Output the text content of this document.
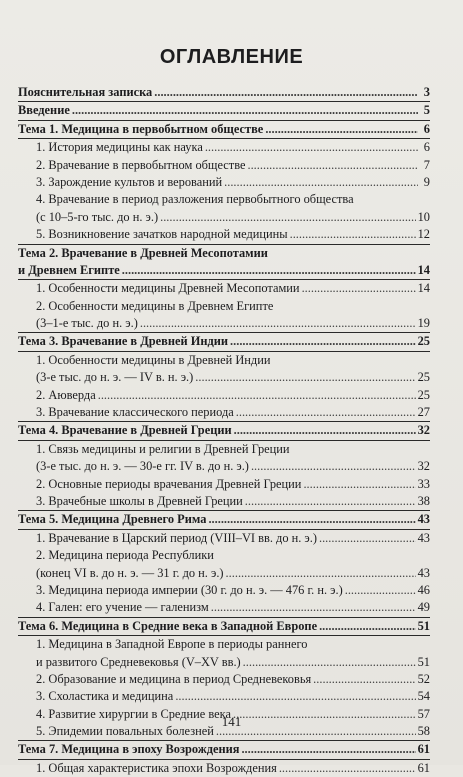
ОГЛАВЛЕНИЕ
Пояснительная записка .....	3
Введение .....	5
Тема 1. Медицина в первобытном обществе .....	6
1. История медицины как наука .....	6
2. Врачевание в первобытном обществе .....	7
3. Зарождение культов и верований .....	9
4. Врачевание в период разложения первобытного общества
(с 10–5-го тыс. до н. э.) .....	10
5. Возникновение зачатков народной медицины .....	12
Тема 2. Врачевание в Древней Месопотамии
и Древнем Египте .....	14
1. Особенности медицины Древней Месопотамии .....	14
2. Особенности медицины в Древнем Египте
(3–1-е тыс. до н. э.) .....	19
Тема 3. Врачевание в Древней Индии .....	25
1. Особенности медицины в Древней Индии
(3-е тыс. до н. э. — IV в. н. э.) .....	25
2. Аюверда .....	25
3. Врачевание классического периода .....	27
Тема 4. Врачевание в Древней Греции .....	32
1. Связь медицины и религии в Древней Греции
(3-е тыс. до н. э. — 30-е гг. IV в. до н. э.) .....	32
2. Основные периоды врачевания Древней Греции .....	33
3. Врачебные школы в Древней Греции .....	38
Тема 5. Медицина Древнего Рима .....	43
1. Врачевание в Царский период (VIII–VI вв. до н. э.) .....	43
2. Медицина периода Республики
(конец VI в. до н. э. — 31 г. до н. э.) .....	43
3. Медицина периода империи (30 г. до н. э. — 476 г. н. э.) .....	46
4. Гален: его учение — галенизм .....	49
Тема 6. Медицина в Средние века в Западной Европе .....	51
1. Медицина в Западной Европе в периоды раннего
и развитого Средневековья (V–XV вв.) .....	51
2. Образование и медицина в период Средневековья .....	52
3. Схоластика и медицина .....	54
4. Развитие хирургии в Средние века .....	57
5. Эпидемии повальных болезней .....	58
Тема 7. Медицина в эпоху Возрождения .....	61
1. Общая характеристика эпохи Возрождения .....	61
141
